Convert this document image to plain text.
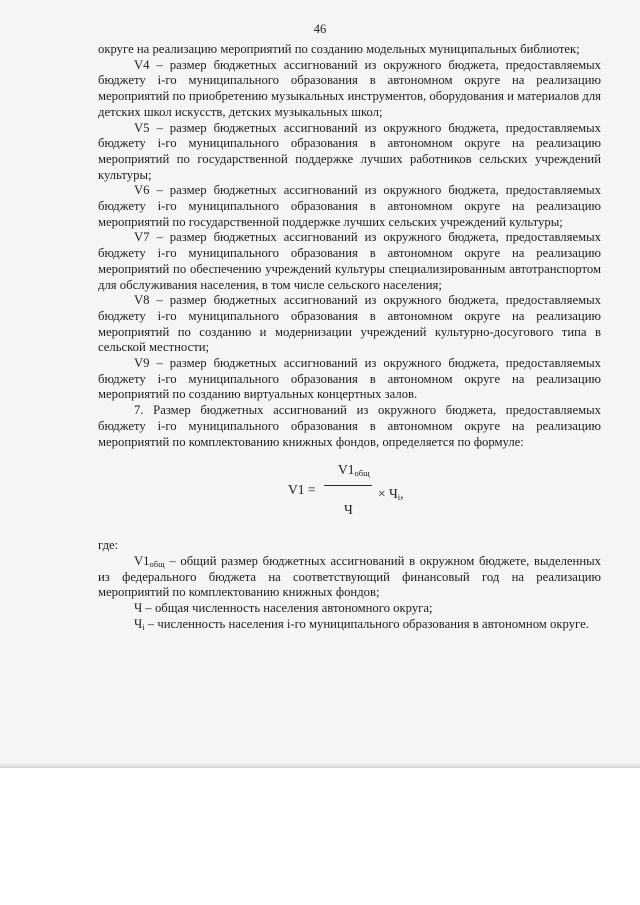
46

округе на реализацию мероприятий по созданию модельных муниципальных библиотек;

V4 – размер бюджетных ассигнований из окружного бюджета, предоставляемых бюджету i-го муниципального образования в автономном округе на реализацию мероприятий по приобретению музыкальных инструментов, оборудования и материалов для детских школ искусств, детских музыкальных школ;

V5 – размер бюджетных ассигнований из окружного бюджета, предоставляемых бюджету i-го муниципального образования в автономном округе на реализацию мероприятий по государственной поддержке лучших работников сельских учреждений культуры;

V6 – размер бюджетных ассигнований из окружного бюджета, предоставляемых бюджету i-го муниципального образования в автономном округе на реализацию мероприятий по государственной поддержке лучших сельских учреждений культуры;

V7 – размер бюджетных ассигнований из окружного бюджета, предоставляемых бюджету i-го муниципального образования в автономном округе на реализацию мероприятий по обеспечению учреждений культуры специализированным автотранспортом для обслуживания населения, в том числе сельского населения;

V8 – размер бюджетных ассигнований из окружного бюджета, предоставляемых бюджету i-го муниципального образования в автономном округе на реализацию мероприятий по созданию и модернизации учреждений культурно-досугового типа в сельской местности;

V9 – размер бюджетных ассигнований из окружного бюджета, предоставляемых бюджету i-го муниципального образования в автономном округе на реализацию мероприятий по созданию виртуальных концертных залов.

7. Размер бюджетных ассигнований из окружного бюджета, предоставляемых бюджету i-го муниципального образования в автономном округе на реализацию мероприятий по комплектованию книжных фондов, определяется по формуле:

V1 =
$V1_{общ}$
Ч
× $Ч_i$,

где:

$V1_{общ}$ – общий размер бюджетных ассигнований в окружном бюджете, выделенных из федерального бюджета на соответствующий финансовый год на реализацию мероприятий по комплектованию книжных фондов;

Ч – общая численность населения автономного округа;

$Ч_i$ – численность населения i-го муниципального образования в автономном округе.
